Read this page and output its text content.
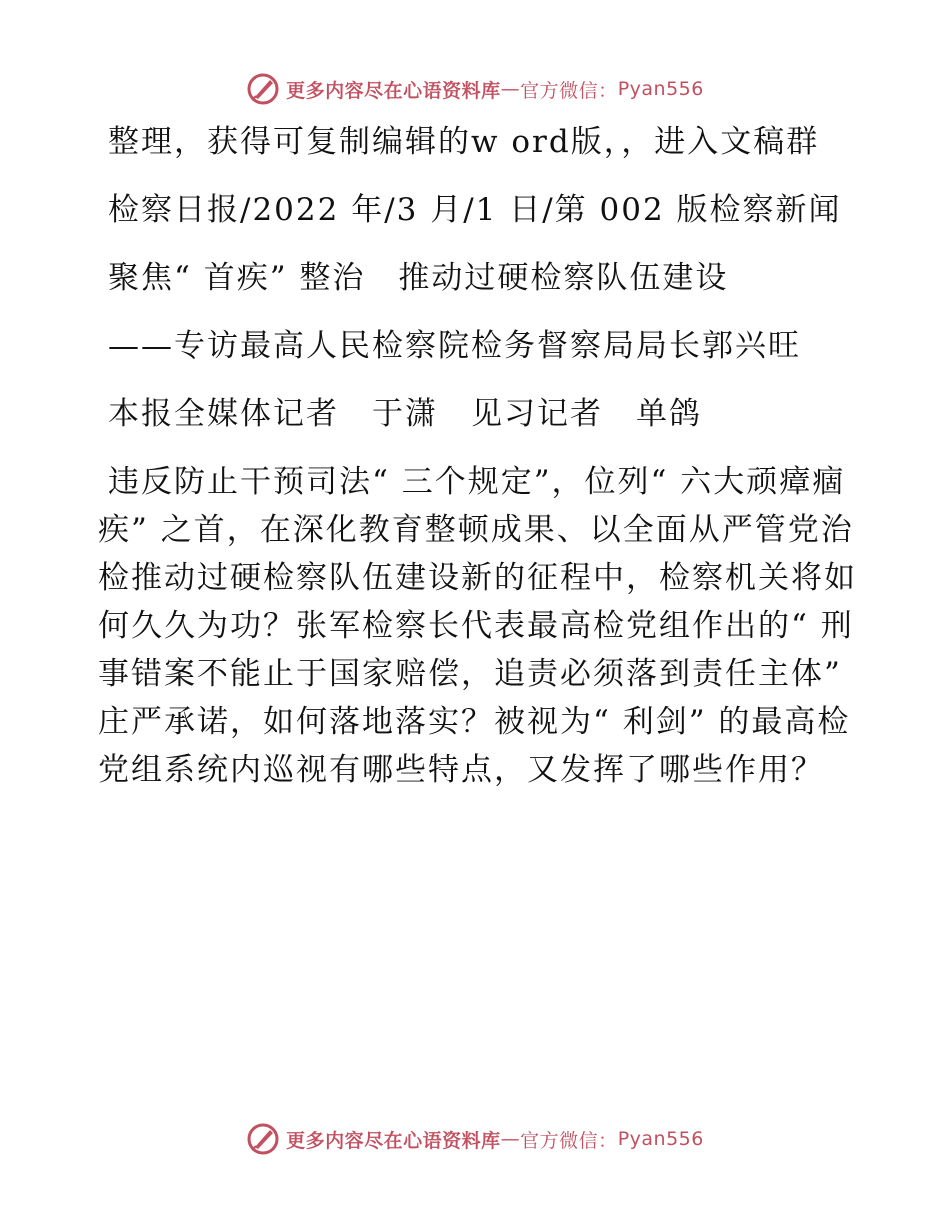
更多内容尽在心语资料库 — 官方微信： Pyan556

整理，获得可复制编辑的w ord版，，进入文稿群

检察日报/2022 年/3 月/1 日/第 002 版检察新闻

聚焦“ 首疾” 整治　推动过硬检察队伍建设

——专访最高人民检察院检务督察局局长郭兴旺

本报全媒体记者　于潇　见习记者　单鸽

违反防止干预司法“ 三个规定”，位列“ 六大顽瘴痼疾” 之首，在深化教育整顿成果、以全面从严管党治检推动过硬检察队伍建设新的征程中，检察机关将如何久久为功？张军检察长代表最高检党组作出的“ 刑事错案不能止于国家赔偿，追责必须落到责任主体” 庄严承诺，如何落地落实？被视为“ 利剑” 的最高检党组系统内巡视有哪些特点，又发挥了哪些作用？

更多内容尽在心语资料库 — 官方微信： Pyan556
